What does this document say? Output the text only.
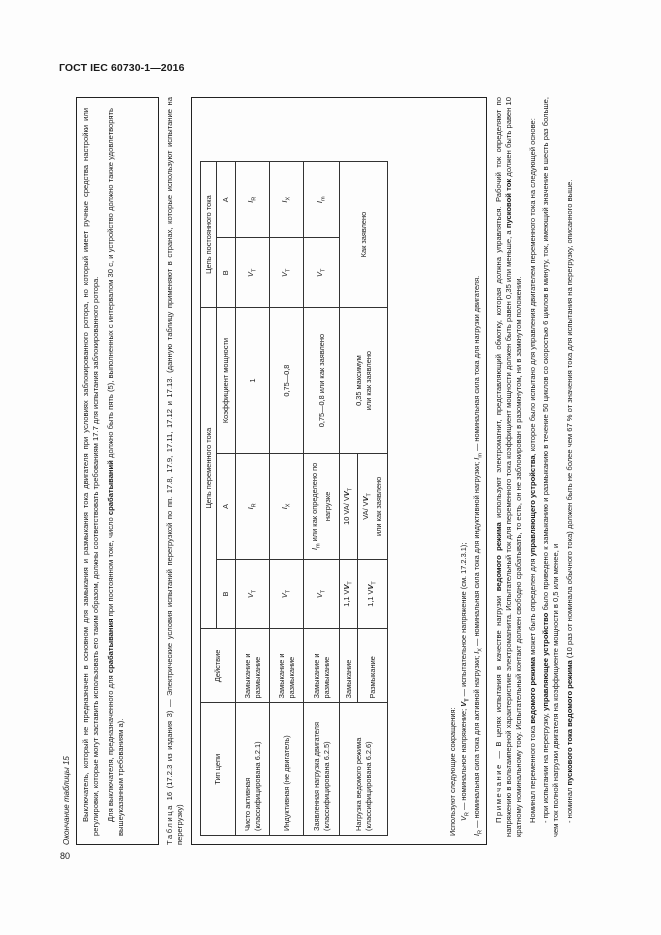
ГОСТ IEC 60730-1—2016
80
Окончание таблицы 15 Выключатель, который не предназначен в основном для замыкания и размыкания тока двигателя при условиях заблокированного ротора, но который имеет ручные средства настройки или регулировки, которые могут заставить использовать его таким образом, должны соответствовать требованиям 17.7 для испытания заблокированного ротора. Для выключателя, предназначенного для срабатывания при постоянном токе, число срабатываний должно быть пять (5), выполненных с интервалом 30 с, и устройство должно также удовлетворять вышеуказанным требованиям а).	Таблица 16 (17.2.3 из издания 3) — Электрические условия испытаний перегрузкой по пп. 17.8, 17.9, 17.11, 17.12 и 17.13. (данную таблицу применяют в странах, которые используют испытание на перегрузку)
Тип цепи	Действие	Цепь переменного тока			Цепь постоянного тока	
		В	А	Коэффициент мощности	В	А
Чисто активная (классифицирована 6.2.1)	Замыкание и размыкание	$V_T$	$I_R$	1	$V_T$	$I_R$
Индуктивная (не двигатель)	Замыкание и размыкание	$V_T$	$I_X$	0,75—0,8	$V_T$	$I_X$
Заявленная нагрузка двигателя (классифицирована 6.2.5)	Замыкание и размыкание	$V_T$	$I_m$ или как определено по нагрузке	0,75—0,8 или как заявлено	$V_T$	$I_m$
Нагрузка ведомого режима (классифицирована 6.2.6)	Замыкание	1,1 $VV_T$	10 VA/ $VV_T$	0,35 максимум или как заявлено	Как заявлено	
	Размыкание	1,1 $VV_T$	VA/ $VV_T$ или как заявлено			
Используют следующие сокращения: $V_R$ — номинальное напряжение; $V_T$ — испытательное напряжение (см. 17.2.3.1);
$I_R$ — номинальная сила тока для активной нагрузки; $I_X$ — номинальная сила тока для индуктивной нагрузки; $I_m$ — номинальная сила тока для нагрузки двигателя.

Примечание — В целях испытания в качестве нагрузки ведомого режима используют электромагнит, представляющий обмотку, которая должна управляться. Рабочий ток определяют по напряжению в вольтамперной характеристике электромагнита. Испытательный ток для переменного тока коэффициент мощности должен быть равен 0,35 или меньше, а пусковой ток должен быть равен 10 кратному номинальному току. Испытательный контакт должен свободно срабатывать, то есть, он не заблокирован в разомкнутом, ни в замкнутом положении. Номинал переменного тока ведомого режима может быть определен для управляющего устройства, которое было испытано для управления двигателем переменного тока на следующей основе:

- при испытании на перегрузку, управляющее устройство было приведено к замыканию и размыканию в течение 50 циклов со скоростью 6 циклов в минуту, ток, имеющий значение в шесть раз больше, чем ток полной нагрузки двигателя на коэффициенте мощности в 0,5 или менее, и - номинал пускового тока ведомого режима (10 раз от номинала обычного тока) должен быть не более чем 67 % от значения тока для испытания на перегрузку, описанного выше.
